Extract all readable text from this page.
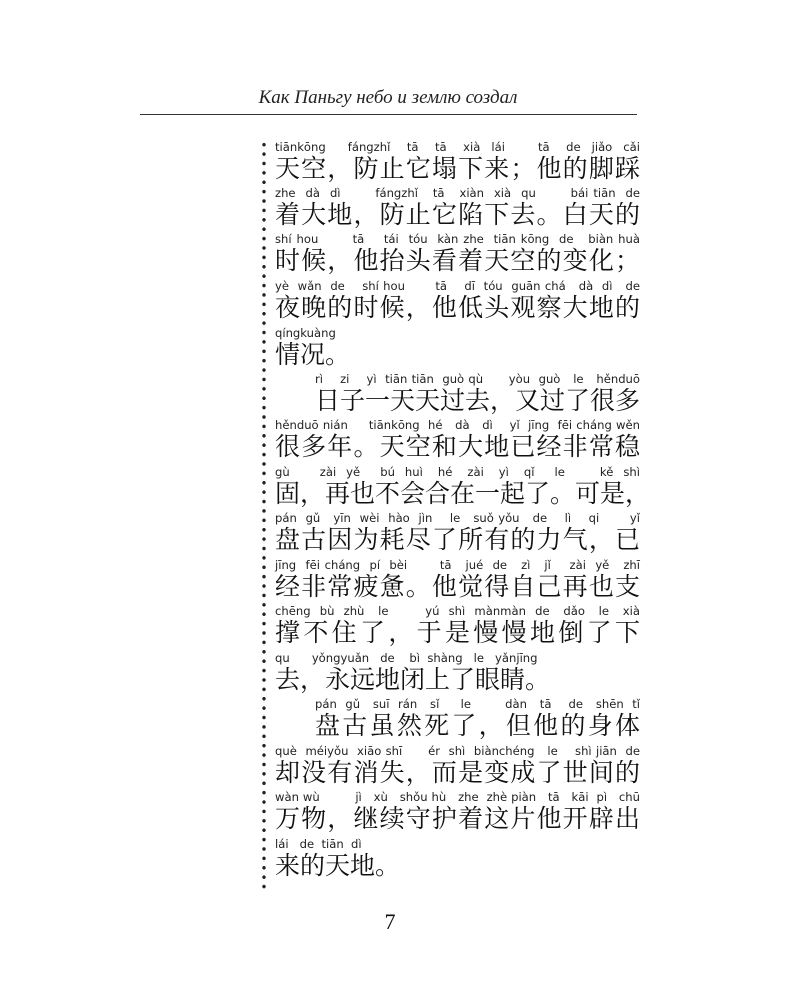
Как Паньгу небо и землю создал
tiānkōng    fángzhǐ   tā   tā   xià  lái      tā   de  jiǎo  cǎi
天空，防止它塌下来；他的脚踩
zhe  dà  dì       fángzhǐ   tā   xiàn  xià  qu       bái tiān  de
着大地，防止它陷下去。白天的
shí hou       tā    tái  tóu  kàn zhe  tiān kōng  de   biàn huà
时候，他抬头看着天空的变化；
yè  wǎn  de    shí hou       tā    dī  tóu  guān chá   dà  dì   de
夜晚的时候，他低头观察大地的
qíngkuàng
情况。
rì    zi    yì  tiān tiān  guò qù      yòu  guò   le   hěnduō
日子一天天过去，又过了很多
hěnduō nián     tiānkōng  hé   dà   dì    yǐ  jīng  fēi cháng wěn
很多年。天空和大地已经非常稳
gù      zài  yě    bú  huì   hé   zài   yì   qǐ    le       kě  shì
固，再也不会合在一起了。可是，
pán  gǔ   yīn  wèi  hào  jìn    le   suǒ yǒu   de    lì    qi       yǐ
盘古因为耗尽了所有的力气，已
jīng  fēi cháng  pí  bèi       tā   jué  de   zì   jǐ    zài  yě   zhī
经非常疲惫。他觉得自己再也支
chēng  bù  zhù   le        yú  shì  mànmàn  de   dǎo   le   xià
撑不住了，于是慢慢地倒了下
qu      yǒngyuǎn   de    bì  shàng   le   yǎnjīng
去，永远地闭上了眼睛。
pán  gǔ   suī  rán   sǐ     le        dàn   tā    de   shēn  tǐ
盘古虽然死了，但他的身体
què  méiyǒu  xiāo shī      ér  shì  biànchéng   le    shì jiān  de
却没有消失，而是变成了世间的
wàn wù         jì   xù   shǒu hù   zhe  zhè piàn   tā   kāi  pì   chū
万物，继续守护着这片他开辟出
lái   de  tiān  dì
来的天地。
7
